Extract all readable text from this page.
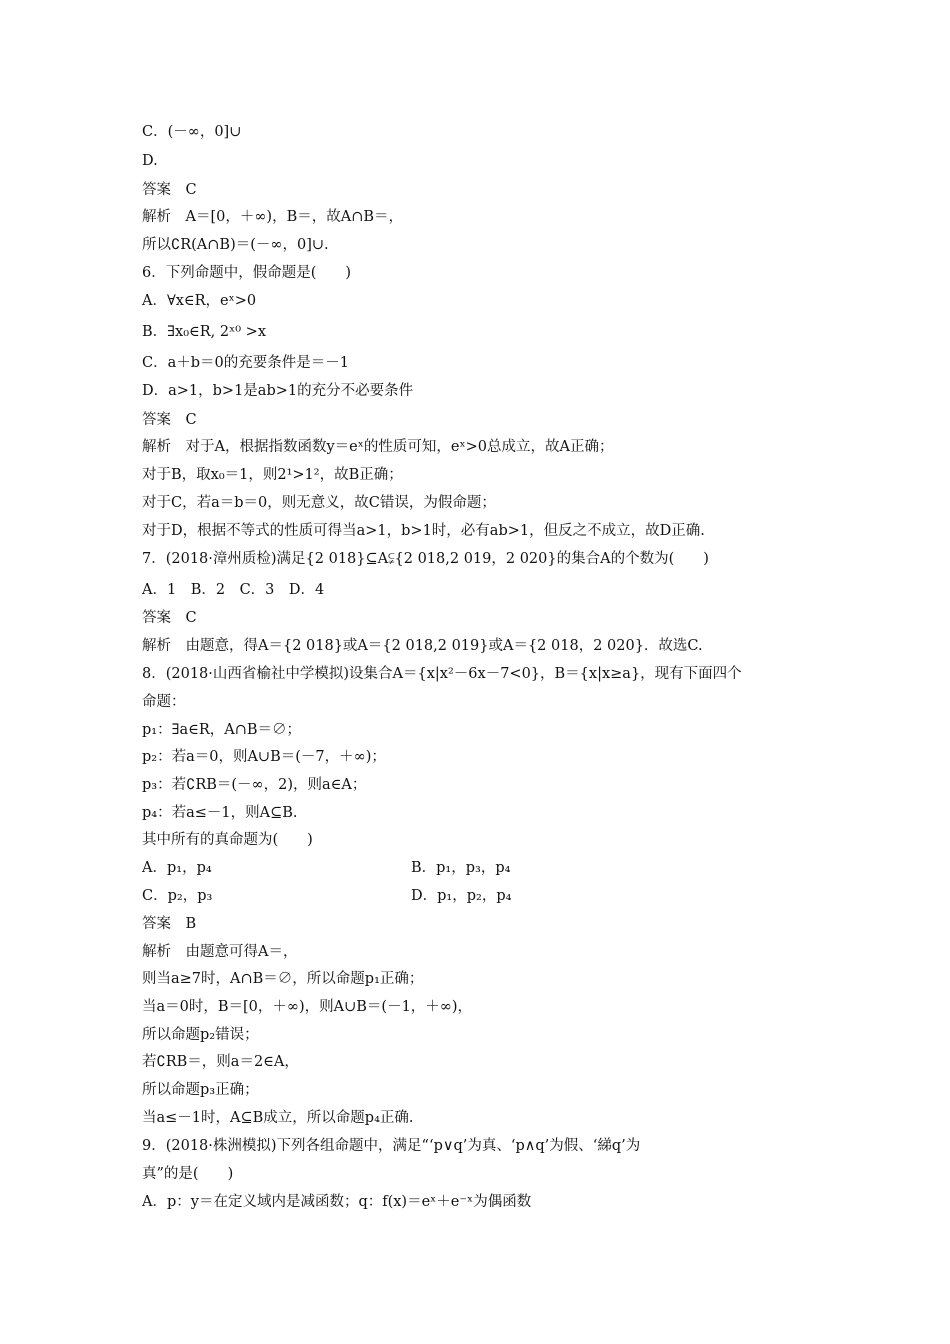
C．(－∞，0]∪
D.
答案　C
解析　A＝[0，＋∞)，B＝，故A∩B＝，
所以∁R(A∩B)＝(－∞，0]∪.
6．下列命题中，假命题是(　　)
A．∀x∈R，eˣ>0
B．∃x₀∈R, 2ˣ⁰ >x
C．a＋b＝0的充要条件是＝－1
D．a>1，b>1是ab>1的充分不必要条件
答案　C
解析　对于A，根据指数函数y＝eˣ的性质可知，eˣ>0总成立，故A正确；
对于B，取x₀＝1，则2¹>1²，故B正确；
对于C，若a＝b＝0，则无意义，故C错误，为假命题；
对于D，根据不等式的性质可得当a>1，b>1时，必有ab>1，但反之不成立，故D正确.
7．(2018·漳州质检)满足{2 018}⊆A⫋{2 018,2 019，2 020}的集合A的个数为(　　)
A．1　B．2　C．3　D．4
答案　C
解析　由题意，得A＝{2 018}或A＝{2 018,2 019}或A＝{2 018，2 020}．故选C.
8．(2018·山西省榆社中学模拟)设集合A＝{x|x²－6x－7<0}，B＝{x|x≥a}，现有下面四个
命题：
p₁：∃a∈R，A∩B＝∅；
p₂：若a＝0，则A∪B＝(－7，＋∞)；
p₃：若∁RB＝(－∞，2)，则a∈A；
p₄：若a≤－1，则A⊆B.
其中所有的真命题为(　　)
答案　B
解析　由题意可得A＝，
则当a≥7时，A∩B＝∅，所以命题p₁正确；
当a＝0时，B＝[0，＋∞)，则A∪B＝(－1，＋∞)，
所以命题p₂错误；
若∁RB＝，则a＝2∈A，
所以命题p₃正确；
当a≤－1时，A⊆B成立，所以命题p₄正确.
9．(2018·株洲模拟)下列各组命题中，满足“‘p∨q’为真、‘p∧q’为假、‘綈q’为
真”的是(　　)
A．p：y＝在定义域内是减函数；q：f(x)＝eˣ＋e⁻ˣ为偶函数
A．p₁，p₄	B．p₁，p₃，p₄
C．p₂，p₃	D．p₁，p₂，p₄
